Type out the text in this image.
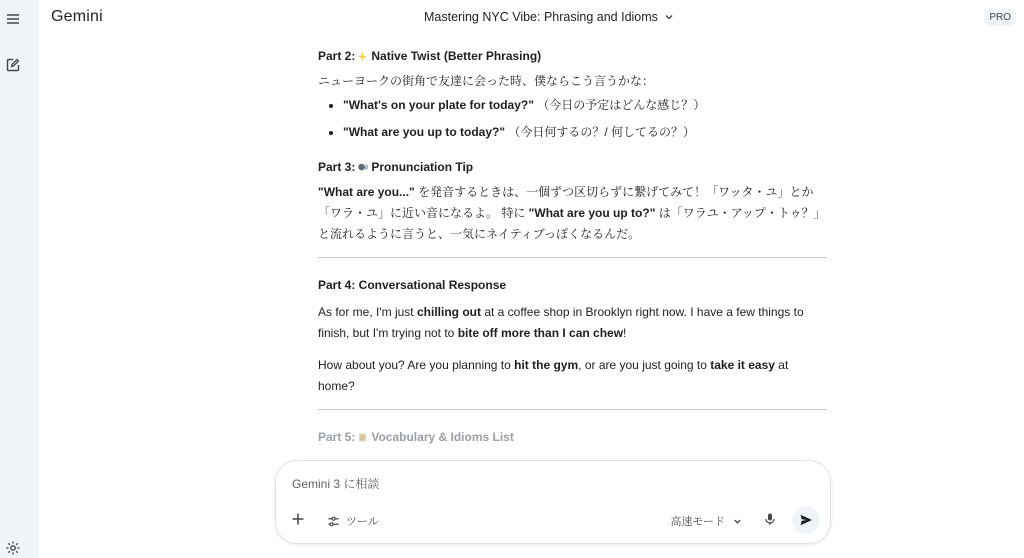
Gemini	Mastering NYC Vibe: Phrasing and Idioms	PRO
Part 2: Native Twist (Better Phrasing)
ニューヨークの街角で友達に会った時、僕ならこう言うかな：
"What's on your plate for today?" （今日の予定はどんな感じ？）
"What are you up to today?" （今日何するの？/ 何してるの？）
Part 3: Pronunciation Tip
"What are you..." を発音するときは、一個ずつ区切らずに繋げてみて！「ワッタ・ユ」とか「ワラ・ユ」に近い音になるよ。 特に "What are you up to?" は「ワラユ・アップ・トゥ？」と流れるように言うと、一気にネイティブっぽくなるんだ。
Part 4: Conversational Response
As for me, I'm just chilling out at a coffee shop in Brooklyn right now. I have a few things to finish, but I'm trying not to bite off more than I can chew!
How about you? Are you planning to hit the gym, or are you just going to take it easy at home?
Part 5: Vocabulary & Idioms List
Gemini 3 に相談
ツール	高速モード
